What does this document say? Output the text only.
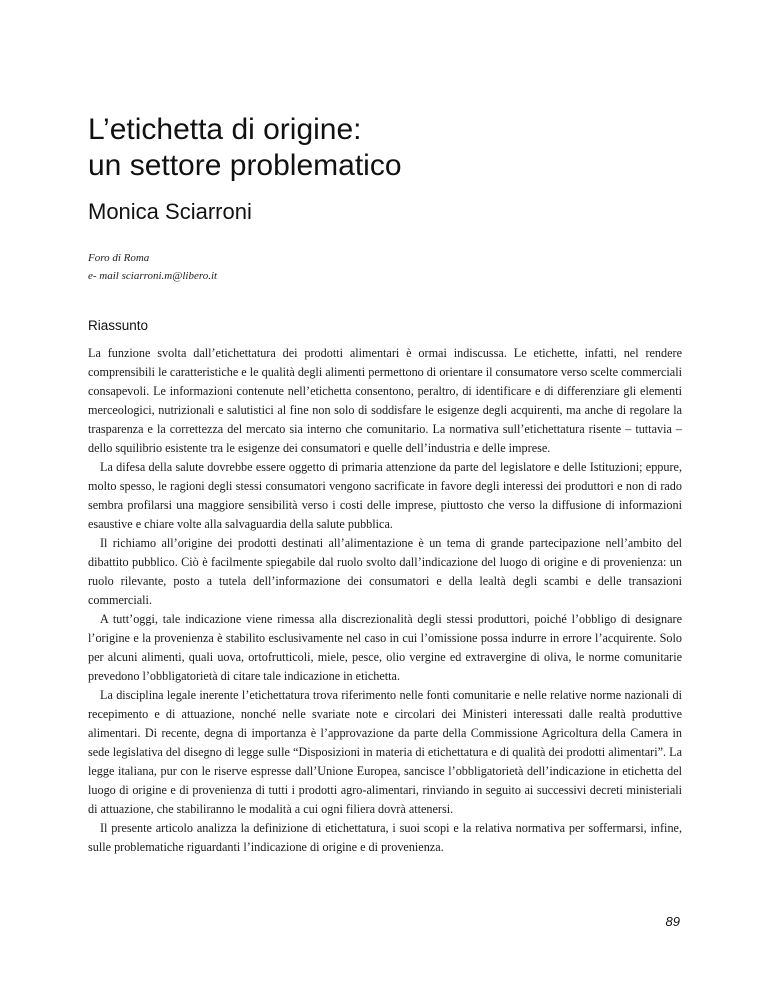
L’etichetta di origine:
un settore problematico
Monica Sciarroni
Foro di Roma
e- mail sciarroni.m@libero.it
Riassunto

La funzione svolta dall’etichettatura dei prodotti alimentari è ormai indiscussa. Le etichette, infatti, nel rendere comprensibili le caratteristiche e le qualità degli alimenti permettono di orientare il consumatore verso scelte commerciali consapevoli. Le informazioni contenute nell’etichetta consentono, peraltro, di identificare e di differenziare gli elementi merceologici, nutrizionali e salutistici al fine non solo di soddisfare le esigenze degli acquirenti, ma anche di regolare la trasparenza e la correttezza del mercato sia interno che comunitario. La normativa sull’etichettatura risente – tuttavia – dello squilibrio esistente tra le esigenze dei consumatori e quelle dell’industria e delle imprese.

La difesa della salute dovrebbe essere oggetto di primaria attenzione da parte del legislatore e delle Istituzioni; eppure, molto spesso, le ragioni degli stessi consumatori vengono sacrificate in favore degli interessi dei produttori e non di rado sembra profilarsi una maggiore sensibilità verso i costi delle imprese, piuttosto che verso la diffusione di informazioni esaustive e chiare volte alla salvaguardia della salute pubblica.

Il richiamo all’origine dei prodotti destinati all’alimentazione è un tema di grande partecipazione nell’ambito del dibattito pubblico. Ciò è facilmente spiegabile dal ruolo svolto dall’indicazione del luogo di origine e di provenienza: un ruolo rilevante, posto a tutela dell’informazione dei consumatori e della lealtà degli scambi e delle transazioni commerciali.

A tutt’oggi, tale indicazione viene rimessa alla discrezionalità degli stessi produttori, poiché l’obbligo di designare l’origine e la provenienza è stabilito esclusivamente nel caso in cui l’omissione possa indurre in errore l’acquirente. Solo per alcuni alimenti, quali uova, ortofrutticoli, miele, pesce, olio vergine ed extravergine di oliva, le norme comunitarie prevedono l’obbligatorietà di citare tale indicazione in etichetta.

La disciplina legale inerente l’etichettatura trova riferimento nelle fonti comunitarie e nelle relative norme nazionali di recepimento e di attuazione, nonché nelle svariate note e circolari dei Ministeri interessati dalle realtà produttive alimentari. Di recente, degna di importanza è l’approvazione da parte della Commissione Agricoltura della Camera in sede legislativa del disegno di legge sulle “Disposizioni in materia di etichettatura e di qualità dei prodotti alimentari”. La legge italiana, pur con le riserve espresse dall’Unione Europea, sancisce l’obbligatorietà dell’indicazione in etichetta del luogo di origine e di provenienza di tutti i prodotti agro-alimentari, rinviando in seguito ai successivi decreti ministeriali di attuazione, che stabiliranno le modalità a cui ogni filiera dovrà attenersi.

Il presente articolo analizza la definizione di etichettatura, i suoi scopi e la relativa normativa per soffermarsi, infine, sulle problematiche riguardanti l’indicazione di origine e di provenienza.

89
